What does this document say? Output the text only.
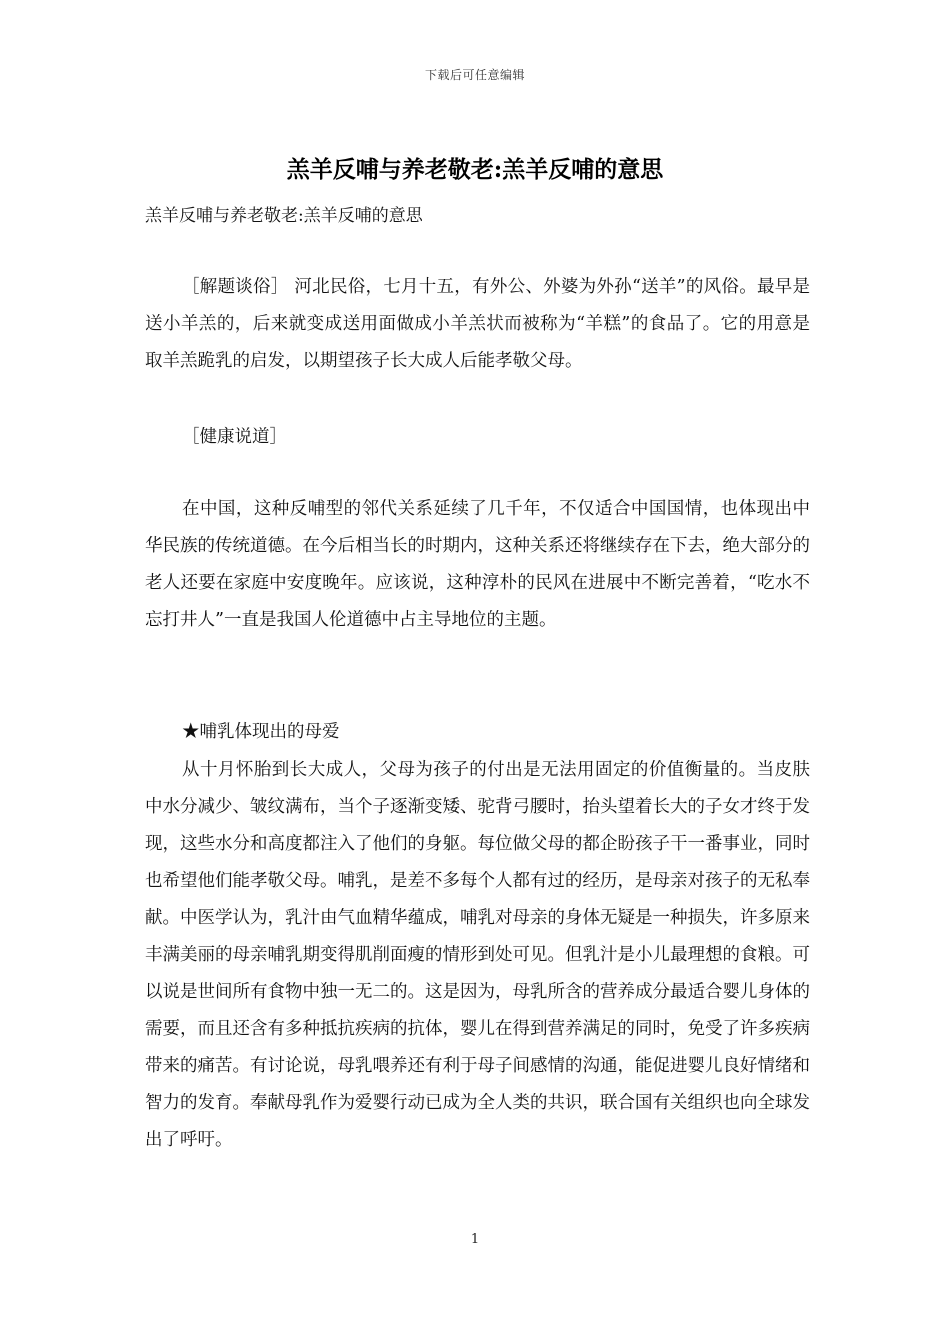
下载后可任意编辑
羔羊反哺与养老敬老:羔羊反哺的意思
羔羊反哺与养老敬老:羔羊反哺的意思

［解题谈俗］ 河北民俗，七月十五，有外公、外婆为外孙“送羊”的风俗。最早是送小羊羔的，后来就变成送用面做成小羊羔状而被称为“羊糕”的食品了。它的用意是取羊羔跪乳的启发，以期望孩子长大成人后能孝敬父母。

［健康说道］

在中国，这种反哺型的邻代关系延续了几千年，不仅适合中国国情，也体现出中华民族的传统道德。在今后相当长的时期内，这种关系还将继续存在下去，绝大部分的老人还要在家庭中安度晚年。应该说，这种淳朴的民风在进展中不断完善着，“吃水不忘打井人”一直是我国人伦道德中占主导地位的主题。

★哺乳体现出的母爱

从十月怀胎到长大成人，父母为孩子的付出是无法用固定的价值衡量的。当皮肤中水分减少、皱纹满布，当个子逐渐变矮、驼背弓腰时，抬头望着长大的子女才终于发现，这些水分和高度都注入了他们的身躯。每位做父母的都企盼孩子干一番事业，同时也希望他们能孝敬父母。哺乳，是差不多每个人都有过的经历，是母亲对孩子的无私奉献。中医学认为，乳汁由气血精华蕴成，哺乳对母亲的身体无疑是一种损失，许多原来丰满美丽的母亲哺乳期变得肌削面瘦的情形到处可见。但乳汁是小儿最理想的食粮。可以说是世间所有食物中独一无二的。这是因为，母乳所含的营养成分最适合婴儿身体的需要，而且还含有多种抵抗疾病的抗体，婴儿在得到营养满足的同时，免受了许多疾病带来的痛苦。有讨论说，母乳喂养还有利于母子间感情的沟通，能促进婴儿良好情绪和智力的发育。奉献母乳作为爱婴行动已成为全人类的共识，联合国有关组织也向全球发出了呼吁。

1
